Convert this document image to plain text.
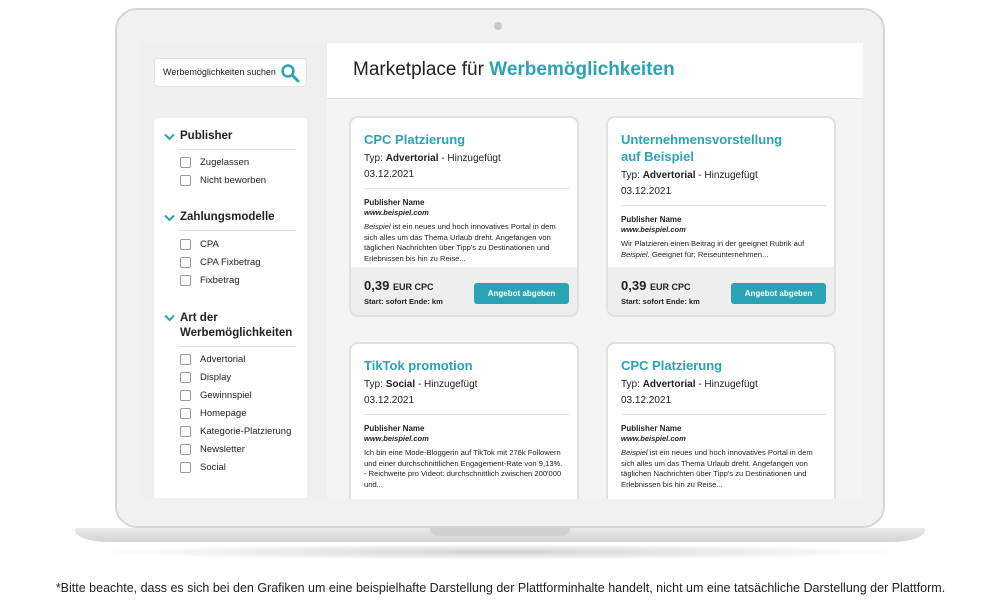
Werbemöglichkeiten suchen
Publisher
Zugelassen
Nicht beworben
Zahlungsmodelle
CPA
CPA Fixbetrag
Fixbetrag
Art der
Werbemöglichkeiten
Advertorial
Display
Gewinnspiel
Homepage
Kategorie-Platzierung
Newsletter
Social
Marketplace für Werbemöglichkeiten
CPC Platzierung
Typ: Advertorial - Hinzugefügt
03.12.2021
Publisher Name
www.beispiel.com
Beispiel ist ein neues und hoch innovatives Portal in dem sich alles um das Thema Urlaub dreht. Angefangen von täglichen Nachrichten über Tipp's zu Destinationen und Erlebnissen bis hin zu Reise...
0,39 EUR CPC
Start: sofort Ende: km
Angebot abgeben
Unternehmensvorstellung
auf Beispiel
Typ: Advertorial - Hinzugefügt
03.12.2021
Publisher Name
www.beispiel.com
Wir Platzieren einen Beitrag in der geeignet Rubrik auf Beispiel. Geeignet für: Reiseunternehmen...
0,39 EUR CPC
Start: sofort Ende: km
Angebot abgeben
TikTok promotion
Typ: Social - Hinzugefügt
03.12.2021
Publisher Name
www.beispiel.com
Ich bin eine Mode-Bloggerin auf TikTok mit 276k Followern und einer durchschnittlichen Engagement-Rate von 9,13%. - Reichweite pro Videot: durchschnittlich zwischen 200'000 und...
CPC Platzierung
Typ: Advertorial - Hinzugefügt
03.12.2021
Publisher Name
www.beispiel.com
Beispiel ist ein neues und hoch innovatives Portal in dem sich alles um das Thema Urlaub dreht. Angefangen von täglichen Nachrichten über Tipp's zu Destinationen und Erlebnissen bis hin zu Reise...
*Bitte beachte, dass es sich bei den Grafiken um eine beispielhafte Darstellung der Plattforminhalte handelt, nicht um eine tatsächliche Darstellung der Plattform.
